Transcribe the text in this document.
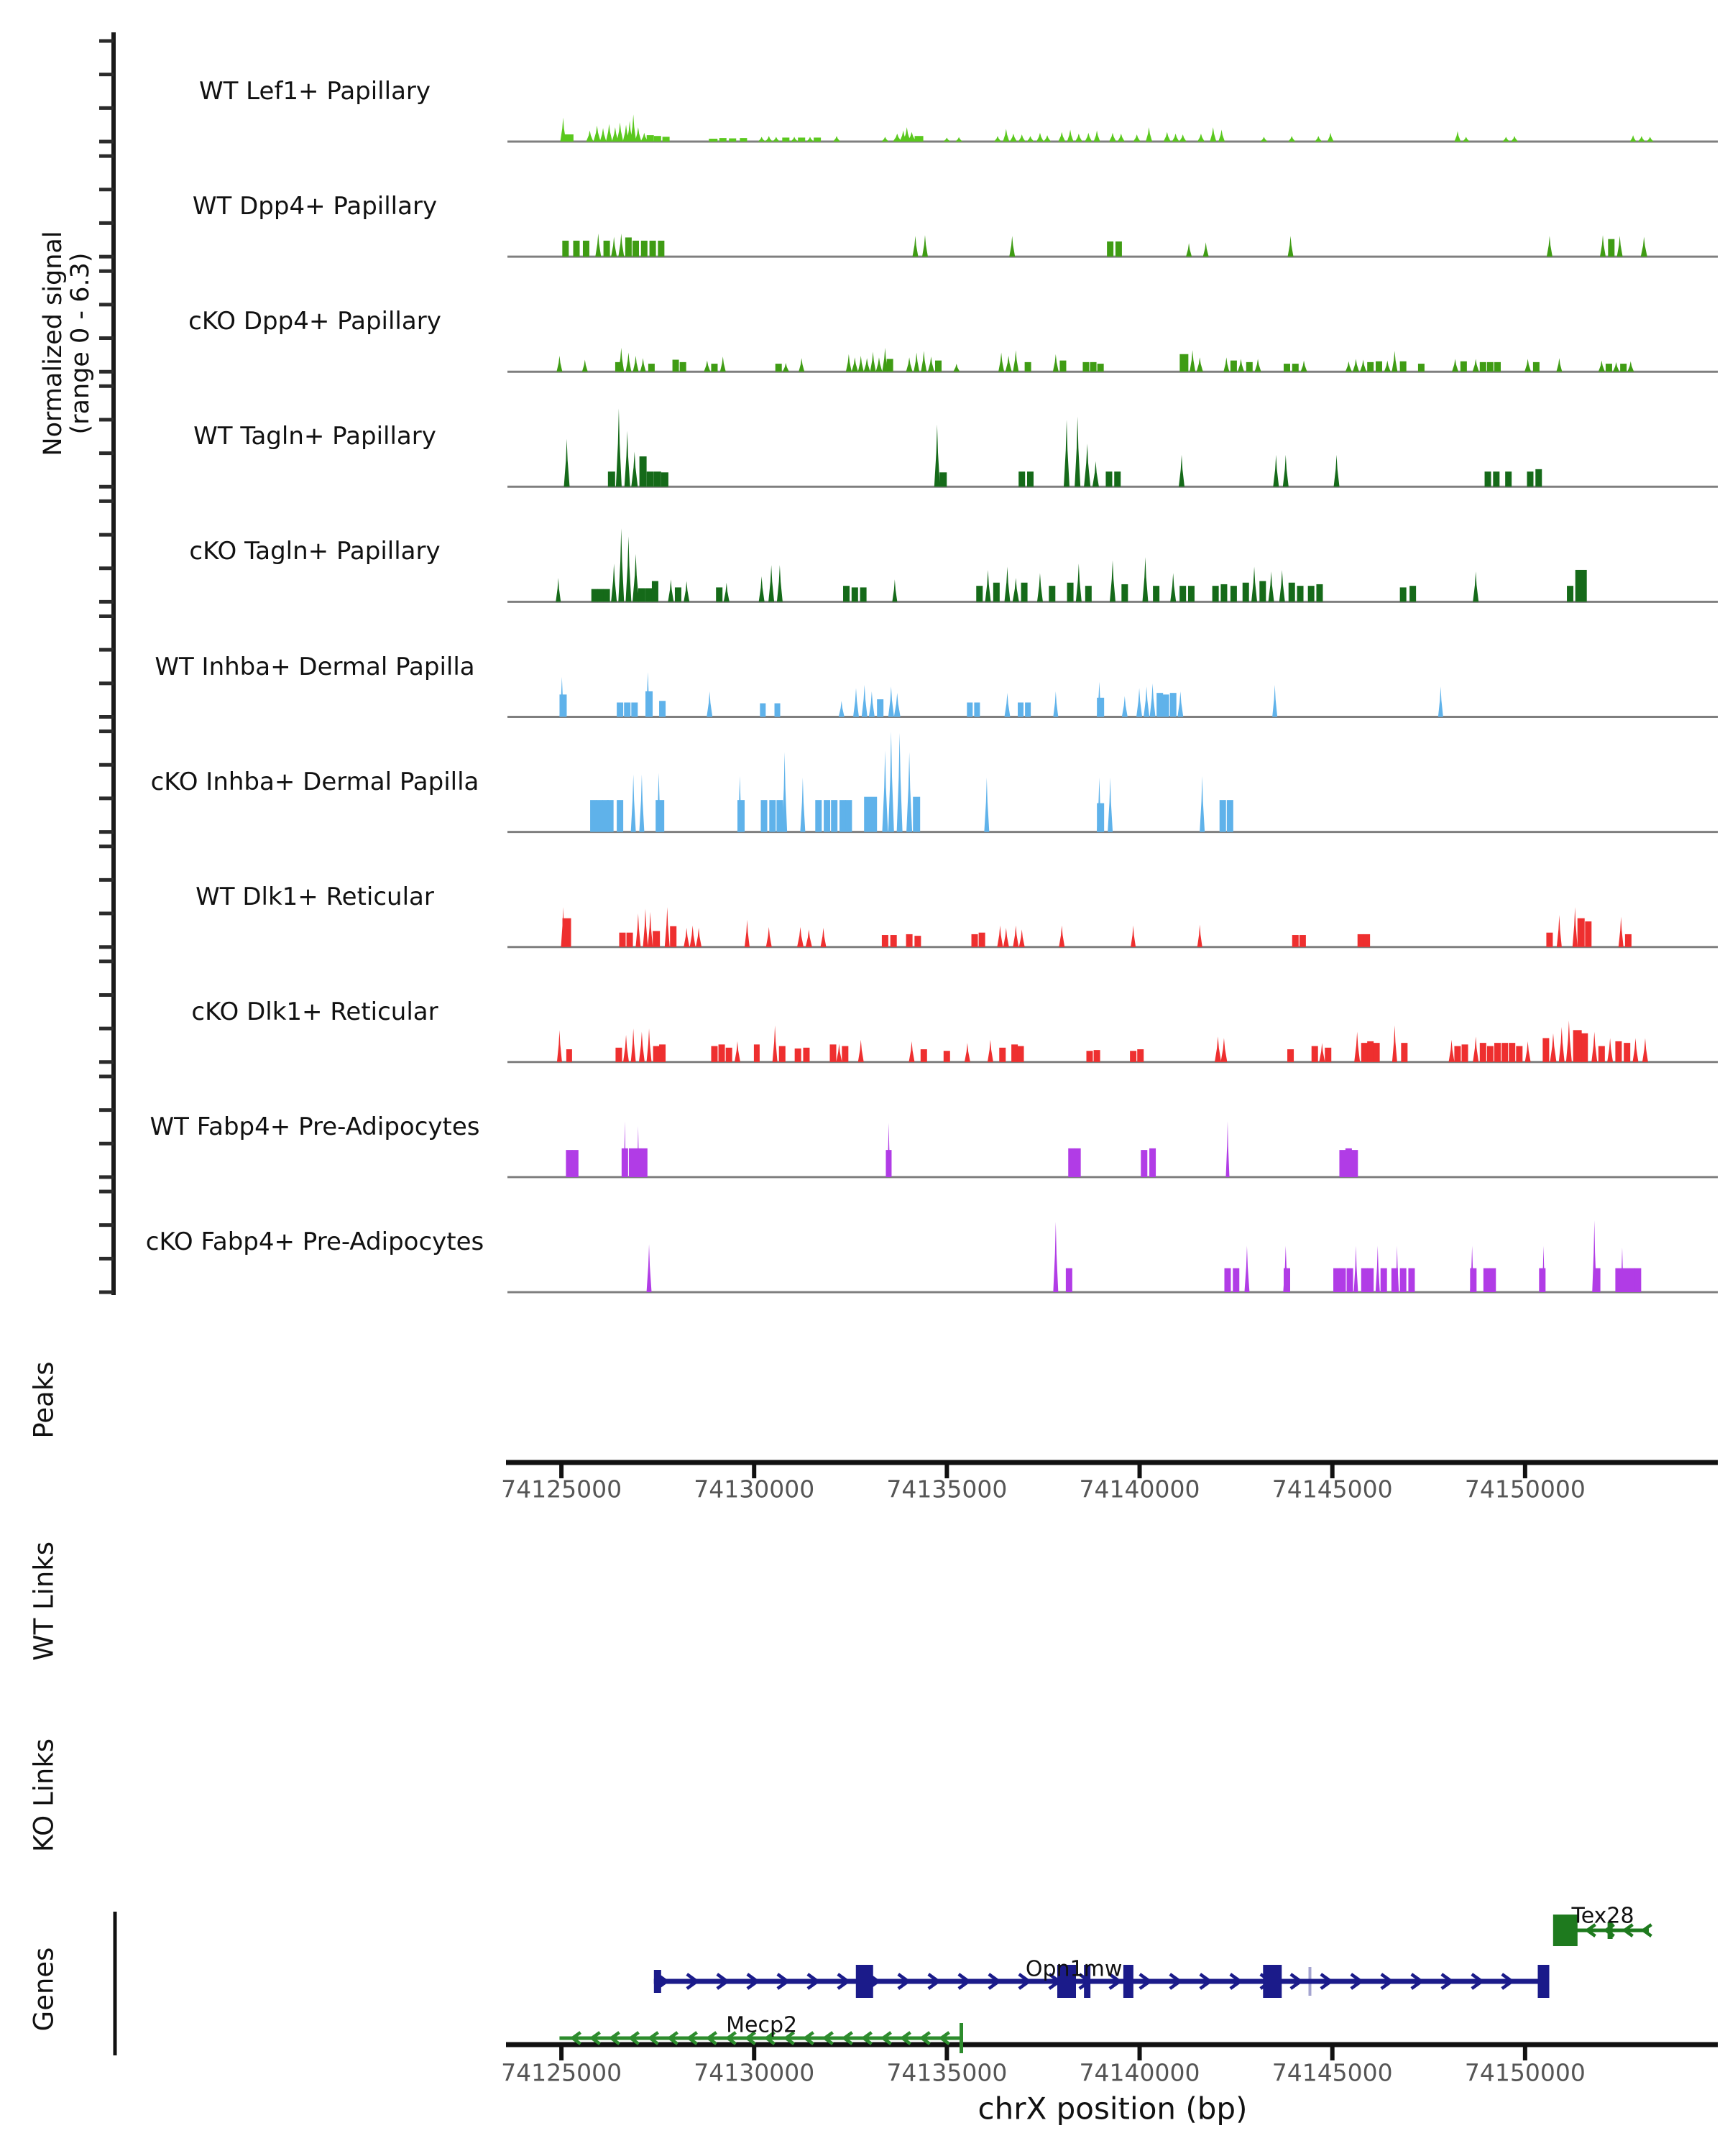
Normalized signal
(range 0 - 6.3)
Peaks
WT Links
KO Links
Genes
chrX position (bp)
WT Lef1+ Papillary
WT Dpp4+ Papillary
cKO Dpp4+ Papillary
WT Tagln+ Papillary
cKO Tagln+ Papillary
WT Inhba+ Dermal Papilla
cKO Inhba+ Dermal Papilla
WT Dlk1+ Reticular
cKO Dlk1+ Reticular
WT Fabp4+ Pre-Adipocytes
cKO Fabp4+ Pre-Adipocytes
74125000	74130000	74135000	74140000	74145000	74150000
74125000	74130000	74135000	74140000	74145000	74150000
Opn1mw
Mecp2
Tex28
